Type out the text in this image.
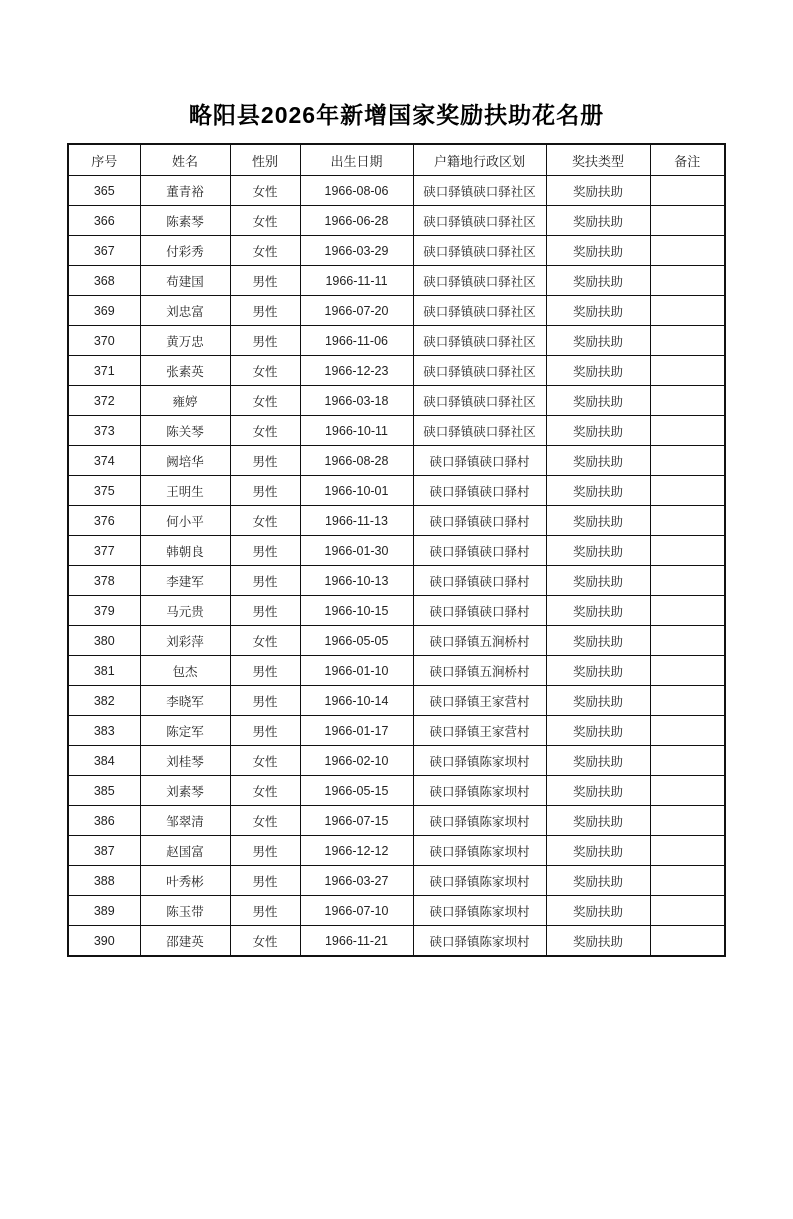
略阳县2026年新增国家奖励扶助花名册
序号	姓名	性别	出生日期	户籍地行政区划	奖扶类型	备注
365	董青裕	女性	1966-08-06	硖口驿镇硖口驿社区	奖励扶助	
366	陈素琴	女性	1966-06-28	硖口驿镇硖口驿社区	奖励扶助	
367	付彩秀	女性	1966-03-29	硖口驿镇硖口驿社区	奖励扶助	
368	苟建国	男性	1966-11-11	硖口驿镇硖口驿社区	奖励扶助	
369	刘忠富	男性	1966-07-20	硖口驿镇硖口驿社区	奖励扶助	
370	黄万忠	男性	1966-11-06	硖口驿镇硖口驿社区	奖励扶助	
371	张素英	女性	1966-12-23	硖口驿镇硖口驿社区	奖励扶助	
372	雍婷	女性	1966-03-18	硖口驿镇硖口驿社区	奖励扶助	
373	陈关琴	女性	1966-10-11	硖口驿镇硖口驿社区	奖励扶助	
374	阙培华	男性	1966-08-28	硖口驿镇硖口驿村	奖励扶助	
375	王明生	男性	1966-10-01	硖口驿镇硖口驿村	奖励扶助	
376	何小平	女性	1966-11-13	硖口驿镇硖口驿村	奖励扶助	
377	韩朝良	男性	1966-01-30	硖口驿镇硖口驿村	奖励扶助	
378	李建军	男性	1966-10-13	硖口驿镇硖口驿村	奖励扶助	
379	马元贵	男性	1966-10-15	硖口驿镇硖口驿村	奖励扶助	
380	刘彩萍	女性	1966-05-05	硖口驿镇五涧桥村	奖励扶助	
381	包杰	男性	1966-01-10	硖口驿镇五涧桥村	奖励扶助	
382	李晓军	男性	1966-10-14	硖口驿镇王家营村	奖励扶助	
383	陈定军	男性	1966-01-17	硖口驿镇王家营村	奖励扶助	
384	刘桂琴	女性	1966-02-10	硖口驿镇陈家坝村	奖励扶助	
385	刘素琴	女性	1966-05-15	硖口驿镇陈家坝村	奖励扶助	
386	邹翠清	女性	1966-07-15	硖口驿镇陈家坝村	奖励扶助	
387	赵国富	男性	1966-12-12	硖口驿镇陈家坝村	奖励扶助	
388	叶秀彬	男性	1966-03-27	硖口驿镇陈家坝村	奖励扶助	
389	陈玉带	男性	1966-07-10	硖口驿镇陈家坝村	奖励扶助	
390	邵建英	女性	1966-11-21	硖口驿镇陈家坝村	奖励扶助	
